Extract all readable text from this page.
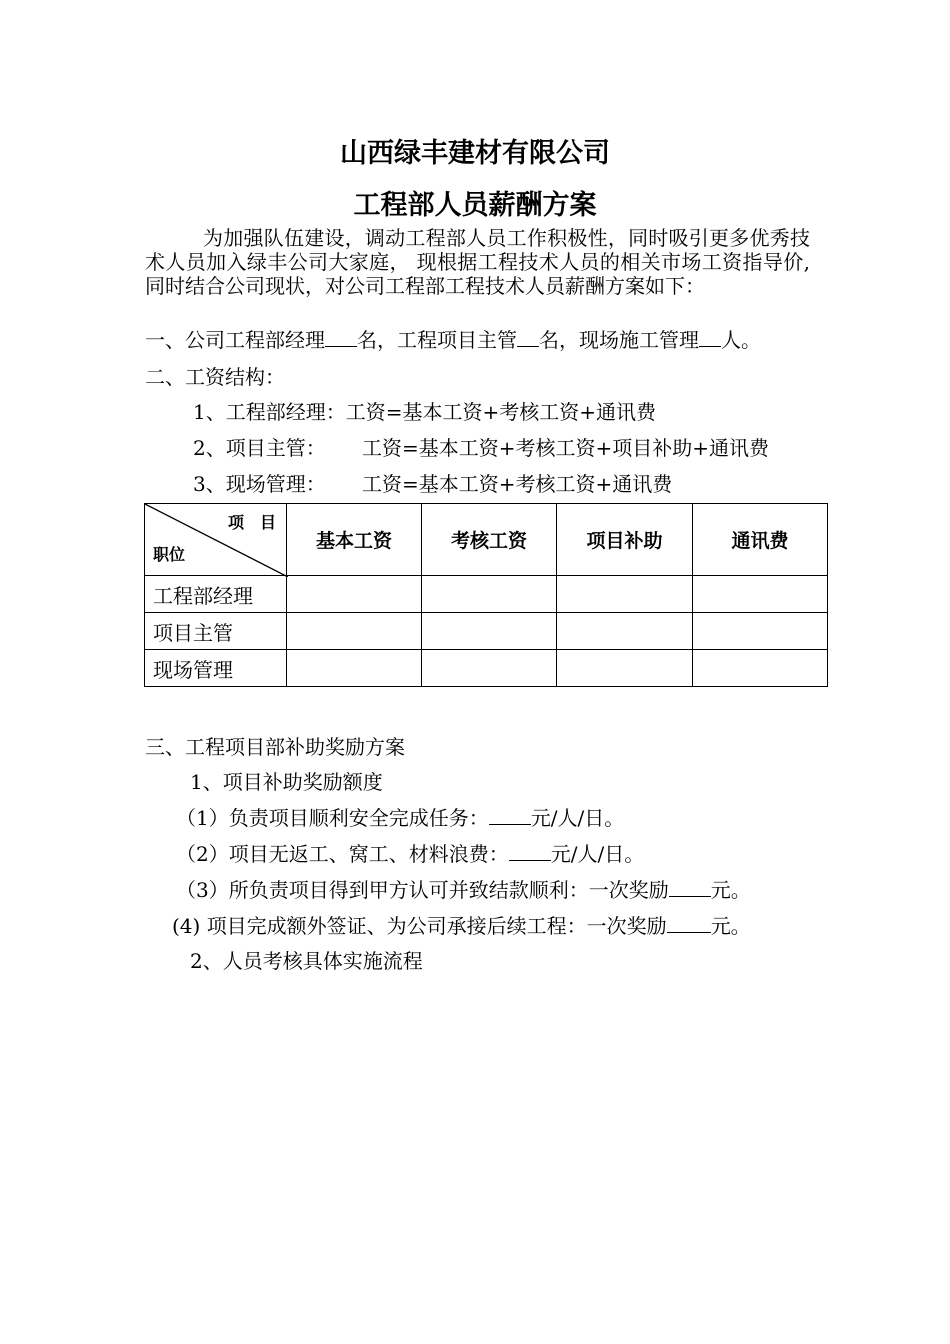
山西绿丰建材有限公司
工程部人员薪酬方案
为加强队伍建设，调动工程部人员工作积极性，同时吸引更多优秀技术人员加入绿丰公司大家庭， 现根据工程技术人员的相关市场工资指导价,同时结合公司现状，对公司工程部工程技术人员薪酬方案如下：
一、公司工程部经理 名，工程项目主管 名，现场施工管理 人。
二、工资结构：
1、工程部经理：工资=基本工资+考核工资+通讯费
2、项目主管： 工资=基本工资+考核工资+项目补助+通讯费
3、现场管理： 工资=基本工资+考核工资+通讯费
项　目
职位	基本工资	考核工资	项目补助	通讯费
工程部经理				
项目主管				
现场管理				
三、工程项目部补助奖励方案
1、项目补助奖励额度
（1）负责项目顺利安全完成任务： 元/人/日。
（2）项目无返工、窝工、材料浪费： 元/人/日。
（3）所负责项目得到甲方认可并致结款顺利：一次奖励 元。
(4) 项目完成额外签证、为公司承接后续工程：一次奖励 元。
2、人员考核具体实施流程
